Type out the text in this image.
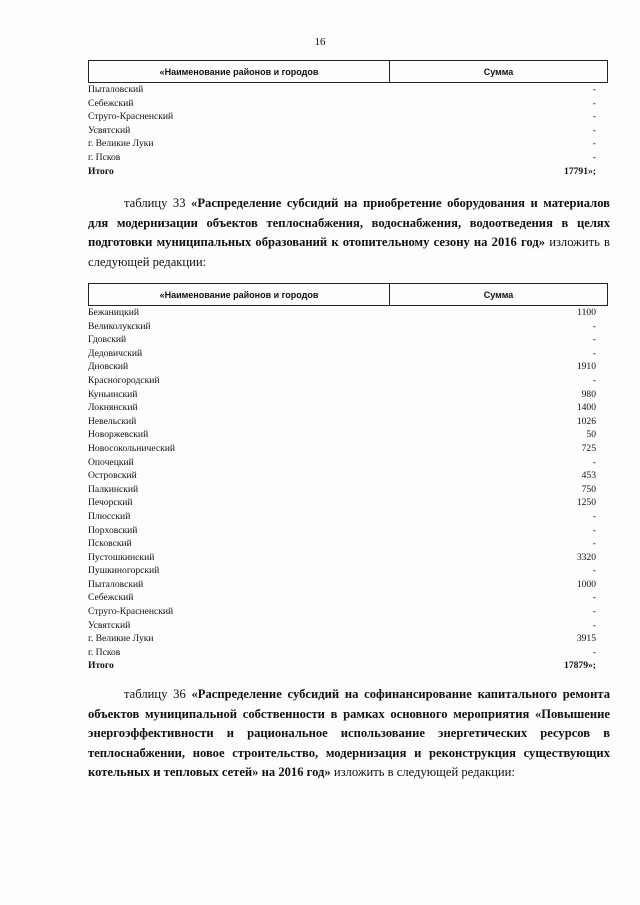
16
«Наименование районов и городов	Сумма
Пыталовский	-
Себежский	-
Струго-Красненский	-
Усвятский	-
г. Великие Луки	-
г. Псков	-
Итого	17791»;
таблицу 33 «Распределение субсидий на приобретение оборудования и материалов для модернизации объектов теплоснабжения, водоснабжения, водоотведения в целях подготовки муниципальных образований к отопительному сезону на 2016 год» изложить в следующей редакции:
«Наименование районов и городов	Сумма
Бежаницкий	1100
Великолукский	-
Гдовский	-
Дедовичский	-
Дновский	1910
Красногородский	-
Куньинский	980
Локнянский	1400
Невельский	1026
Новоржевский	50
Новосокольнический	725
Опочецкий	-
Островский	453
Палкинский	750
Печорский	1250
Плюсский	-
Порховский	-
Псковский	-
Пустошкинский	3320
Пушкиногорский	-
Пыталовский	1000
Себежский	-
Струго-Красненский	-
Усвятский	-
г. Великие Луки	3915
г. Псков	-
Итого	17879»;
таблицу 36 «Распределение субсидий на софинансирование капитального ремонта объектов муниципальной собственности в рамках основного мероприятия «Повышение энергоэффективности и рациональное использование энергетических ресурсов в теплоснабжении, новое строительство, модернизация и реконструкция существующих котельных и тепловых сетей» на 2016 год» изложить в следующей редакции:
